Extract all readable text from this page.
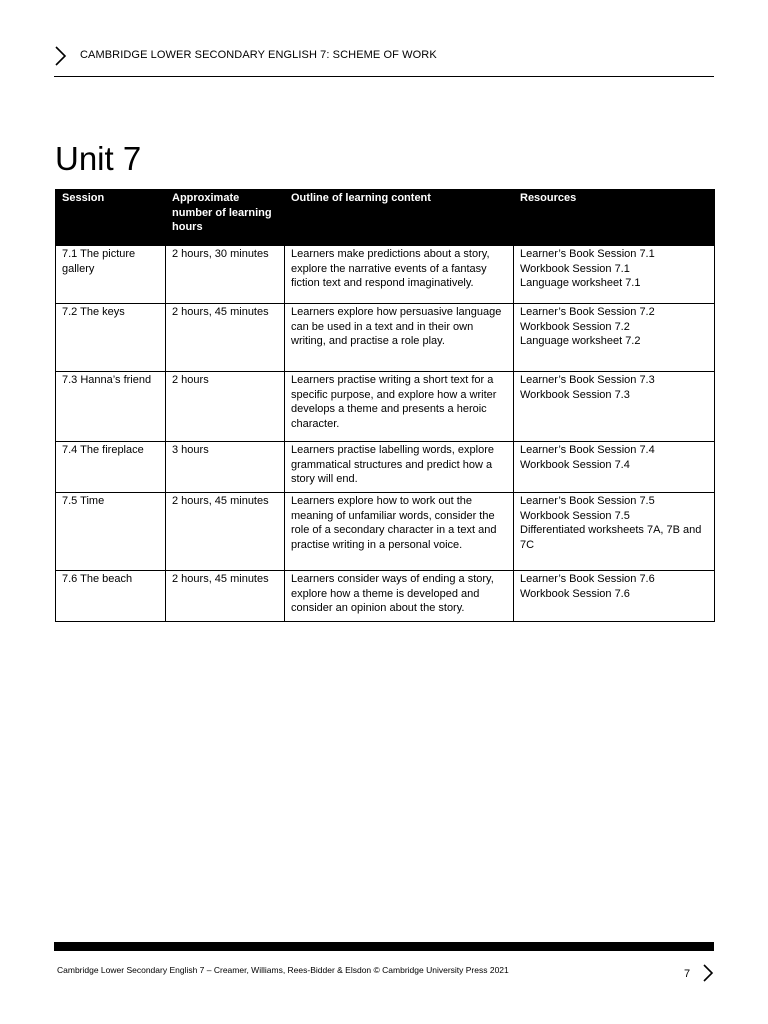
CAMBRIDGE LOWER SECONDARY ENGLISH 7: SCHEME OF WORK
Unit 7
Session	Approximate number of learning hours	Outline of learning content	Resources
7.1 The picture gallery	2 hours, 30 minutes	Learners make predictions about a story, explore the narrative events of a fantasy fiction text and respond imaginatively.	Learner’s Book Session 7.1
Workbook Session 7.1
Language worksheet 7.1

7.2 The keys	2 hours, 45 minutes	Learners explore how persuasive language can be used in a text and in their own writing, and practise a role play.	Learner’s Book Session 7.2
Workbook Session 7.2
Language worksheet 7.2

7.3 Hanna’s friend	2 hours	Learners practise writing a short text for a specific purpose, and explore how a writer develops a theme and presents a heroic character.	Learner’s Book Session 7.3
Workbook Session 7.3

7.4 The fireplace	3 hours	Learners practise labelling words, explore grammatical structures and predict how a story will end.	Learner’s Book Session 7.4
Workbook Session 7.4

7.5 Time	2 hours, 45 minutes	Learners explore how to work out the meaning of unfamiliar words, consider the role of a secondary character in a text and practise writing in a personal voice.	Learner’s Book Session 7.5
Workbook Session 7.5
Differentiated worksheets 7A, 7B and 7C

7.6 The beach	2 hours, 45 minutes	Learners consider ways of ending a story, explore how a theme is developed and consider an opinion about the story.	Learner’s Book Session 7.6
Workbook Session 7.6
Cambridge Lower Secondary English 7 – Creamer, Williams, Rees-Bidder & Elsdon © Cambridge University Press 2021	7
